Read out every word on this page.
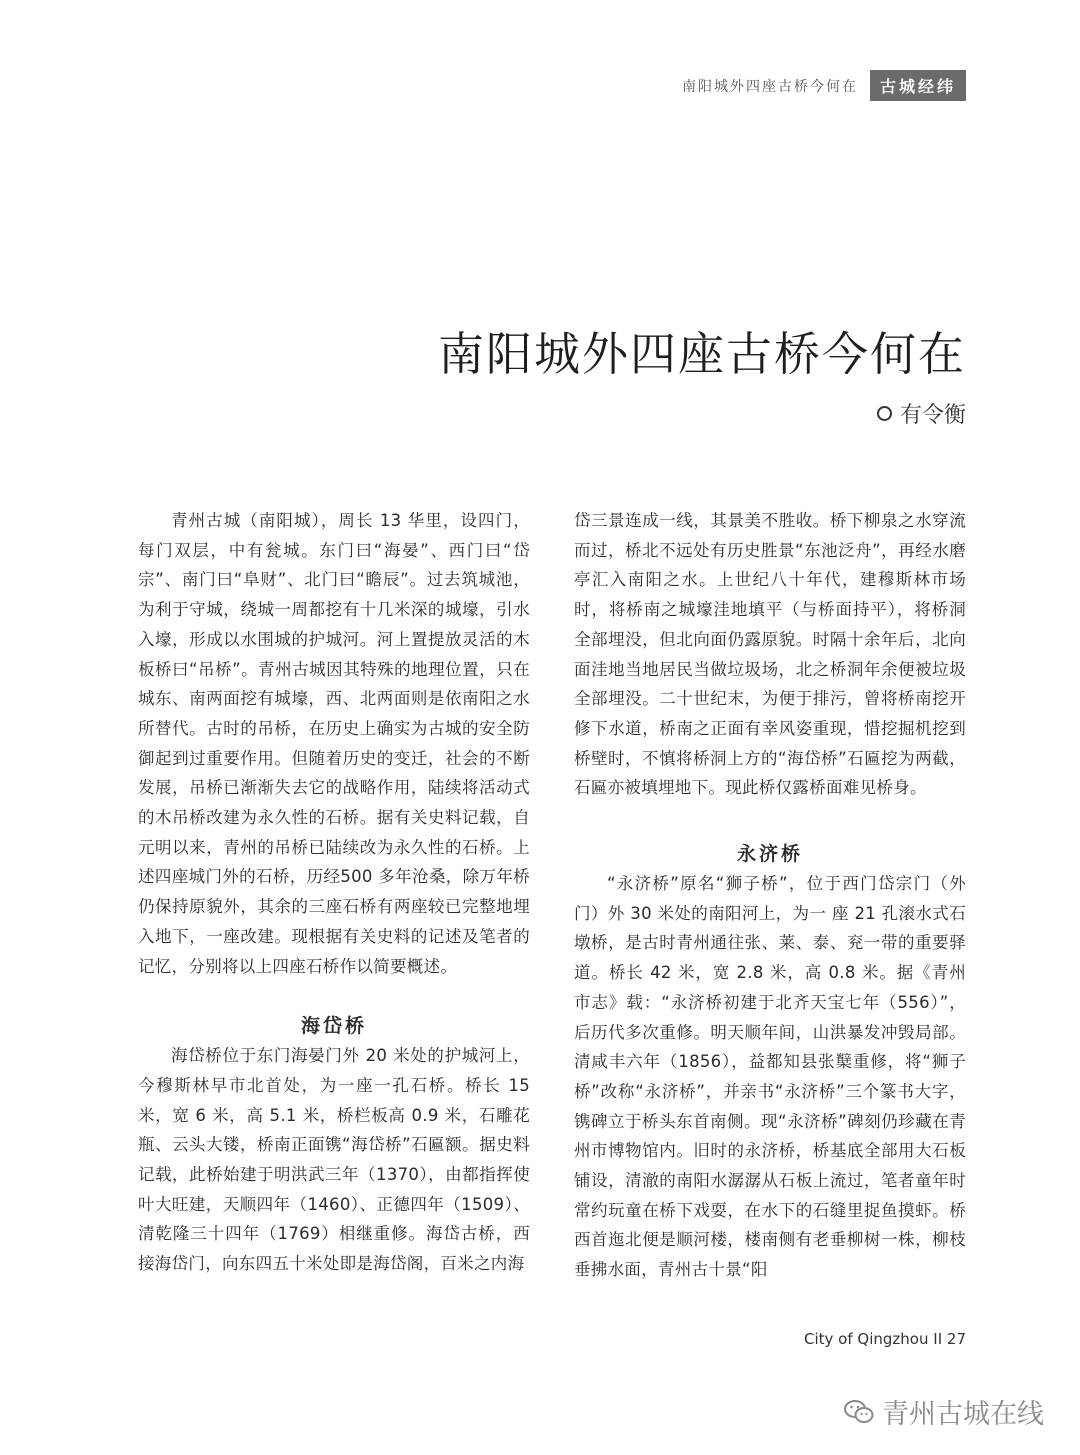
南阳城外四座古桥今何在	古城经纬
南阳城外四座古桥今何在
有令衡

青州古城（南阳城），周长 13 华里，设四门，每门双层，中有瓮城。东门曰“海晏”、西门曰“岱宗”、南门曰“阜财”、北门曰“瞻辰”。过去筑城池，为利于守城，绕城一周都挖有十几米深的城壕，引水入壕，形成以水围城的护城河。河上置提放灵活的木板桥曰“吊桥”。青州古城因其特殊的地理位置，只在城东、南两面挖有城壕，西、北两面则是依南阳之水所替代。古时的吊桥，在历史上确实为古城的安全防御起到过重要作用。但随着历史的变迁，社会的不断发展，吊桥已渐渐失去它的战略作用，陆续将活动式的木吊桥改建为永久性的石桥。据有关史料记载，自元明以来，青州的吊桥已陆续改为永久性的石桥。上述四座城门外的石桥，历经500 多年沧桑，除万年桥仍保持原貌外，其余的三座石桥有两座较已完整地埋入地下，一座改建。现根据有关史料的记述及笔者的记忆，分别将以上四座石桥作以简要概述。

海岱桥

海岱桥位于东门海晏门外 20 米处的护城河上，今穆斯林早市北首处，为一座一孔石桥。桥长 15 米，宽 6 米，高 5.1 米，桥栏板高 0.9 米，石雕花瓶、云头大镂，桥南正面镌“海岱桥”石匾额。据史料记载，此桥始建于明洪武三年（1370），由都指挥使叶大旺建，天顺四年（1460）、正德四年（1509）、清乾隆三十四年（1769）相继重修。海岱古桥，西接海岱门，向东四五十米处即是海岱阁，百米之内海

岱三景连成一线，其景美不胜收。桥下柳泉之水穿流而过，桥北不远处有历史胜景“东池泛舟”，再经水磨亭汇入南阳之水。上世纪八十年代，建穆斯林市场时，将桥南之城壕洼地填平（与桥面持平），将桥洞全部埋没，但北向面仍露原貌。时隔十余年后，北向面洼地当地居民当做垃圾场，北之桥洞年余便被垃圾全部埋没。二十世纪末，为便于排污，曾将桥南挖开修下水道，桥南之正面有幸风姿重现，惜挖掘机挖到桥壁时，不慎将桥洞上方的“海岱桥”石匾挖为两截，石匾亦被填埋地下。现此桥仅露桥面难见桥身。

永济桥

“永济桥”原名“狮子桥”，位于西门岱宗门（外门）外 30 米处的南阳河上，为一 座 21 孔滚水式石墩桥，是古时青州通往张、莱、泰、兖一带的重要驿道。桥长 42 米，宽 2.8 米，高 0.8 米。据《青州市志》载：“永济桥初建于北齐天宝七年（556）”，后历代多次重修。明天顺年间，山洪暴发冲毁局部。清咸丰六年（1856），益都知县张櫱重修，将“狮子桥”改称“永济桥”，并亲书“永济桥”三个篆书大字，镌碑立于桥头东首南侧。现“永济桥”碑刻仍珍藏在青州市博物馆内。旧时的永济桥，桥基底全部用大石板铺设，清澈的南阳水潺潺从石板上流过，笔者童年时常约玩童在桥下戏耍，在水下的石缝里捉鱼摸虾。桥西首迤北便是顺河楼，楼南侧有老垂柳树一株，柳枝垂拂水面，青州古十景“阳

City of Qingzhou II 27
青州古城在线
